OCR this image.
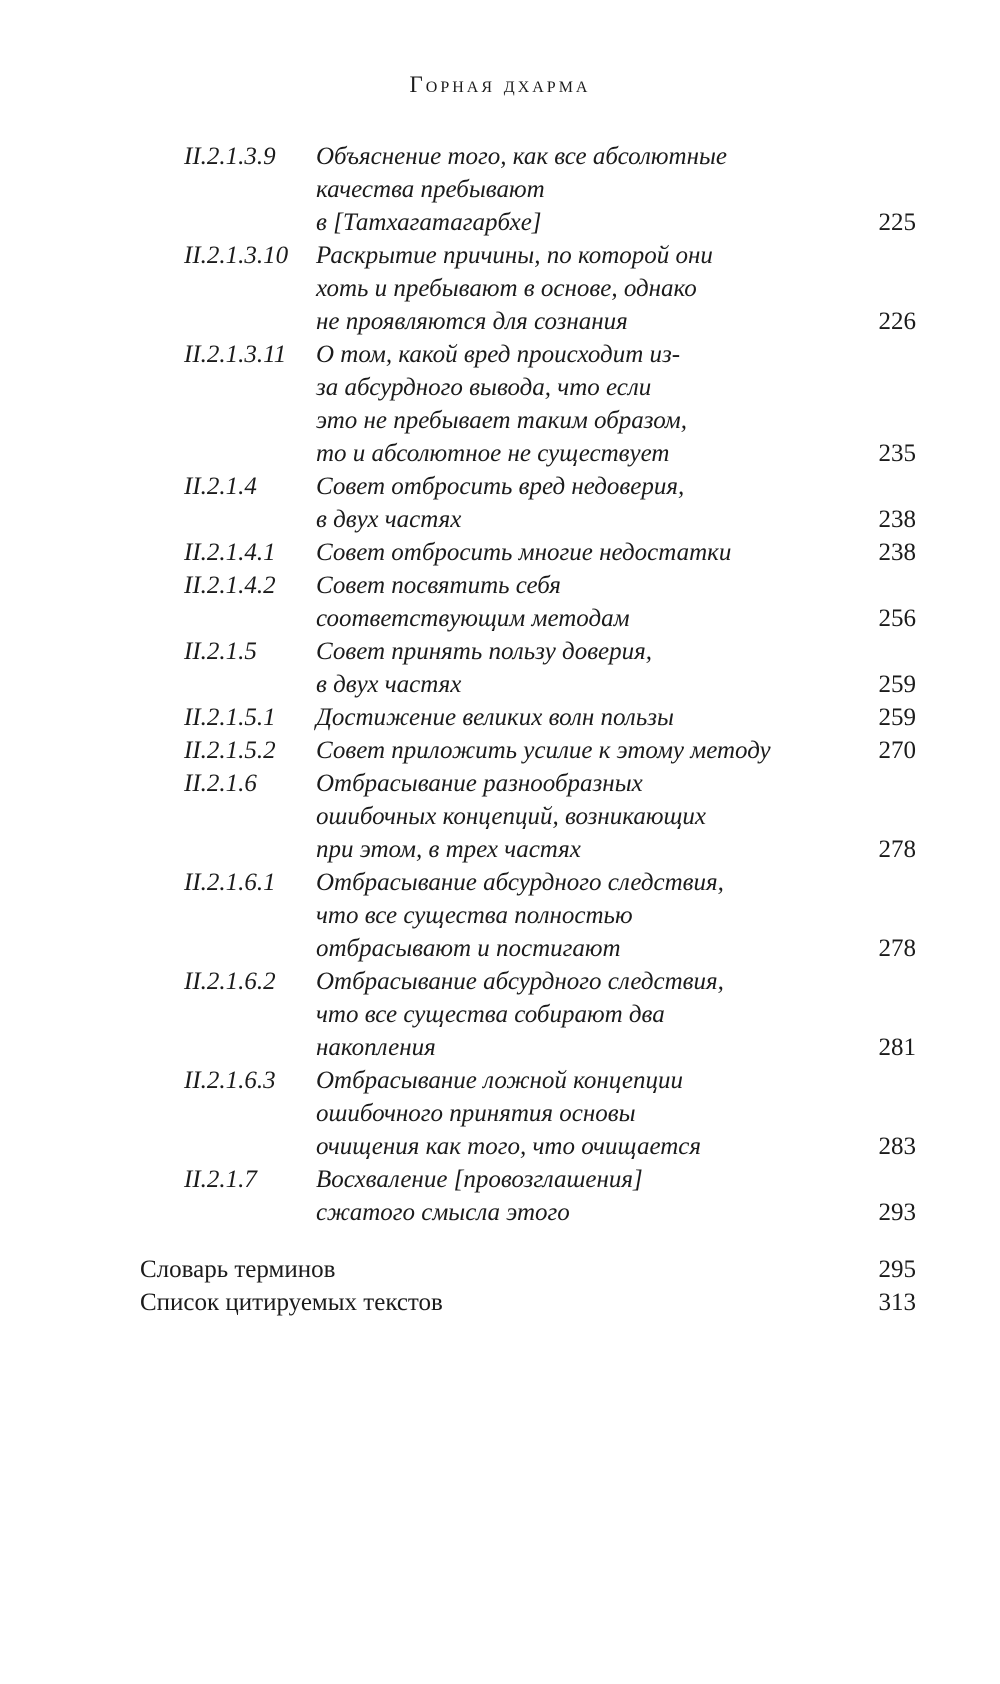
Горная дхарма
II.2.1.3.9	Объяснение того, как все абсолютные
качества пребывают
в [Татхагатагарбхе]	225
II.2.1.3.10	Раскрытие причины, по которой они
хоть и пребывают в основе, однако
не проявляются для сознания	226
II.2.1.3.11	О том, какой вред происходит из-
за абсурдного вывода, что если
это не пребывает таким образом,
то и абсолютное не существует	235
II.2.1.4	Совет отбросить вред недоверия,
в двух частях	238
II.2.1.4.1	Совет отбросить многие недостатки	238
II.2.1.4.2	Совет посвятить себя
соответствующим методам	256
II.2.1.5	Совет принять пользу доверия,
в двух частях	259
II.2.1.5.1	Достижение великих волн пользы	259
II.2.1.5.2	Совет приложить усилие к этому методу	270
II.2.1.6	Отбрасывание разнообразных
ошибочных концепций, возникающих
при этом, в трех частях	278
II.2.1.6.1	Отбрасывание абсурдного следствия,
что все существа полностью
отбрасывают и постигают	278
II.2.1.6.2	Отбрасывание абсурдного следствия,
что все существа собирают два
накопления	281
II.2.1.6.3	Отбрасывание ложной концепции
ошибочного принятия основы
очищения как того, что очищается	283
II.2.1.7	Восхваление [провозглашения]
сжатого смысла этого	293
Словарь терминов	295
Список цитируемых текстов	313
